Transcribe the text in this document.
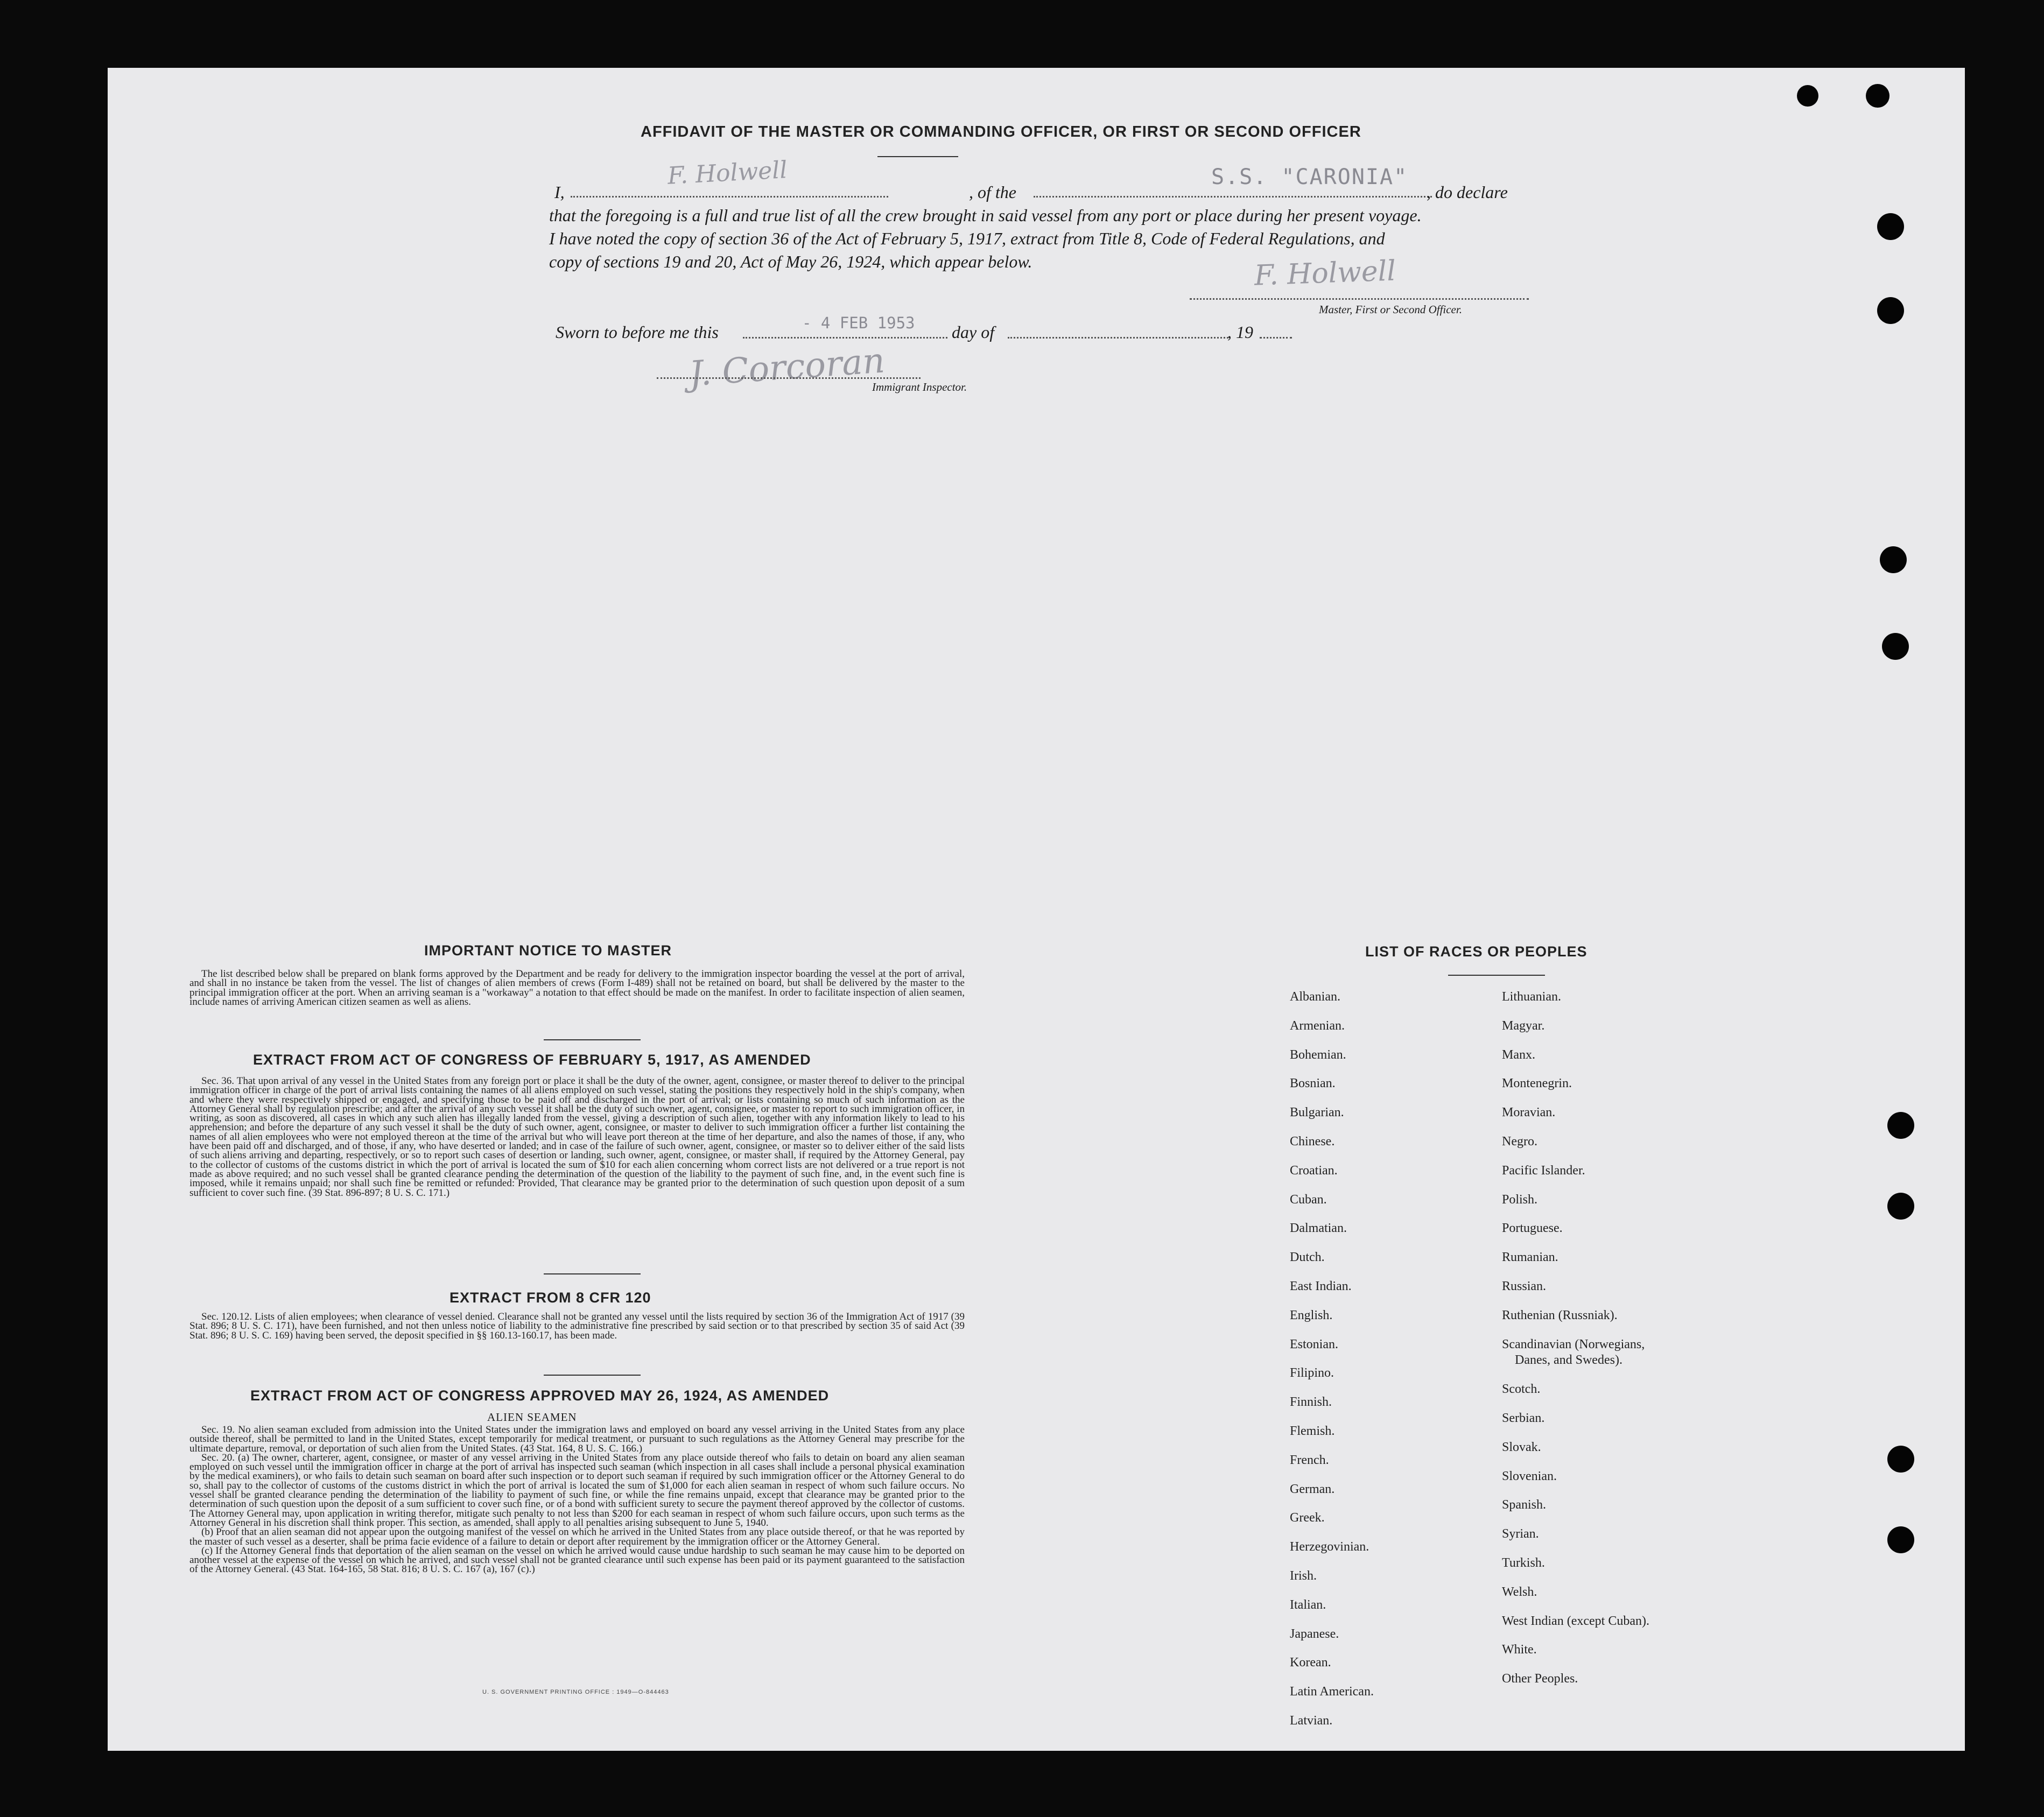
AFFIDAVIT OF THE MASTER OR COMMANDING OFFICER, OR FIRST OR SECOND OFFICER
I,
F. Holwell
, of the
S.S. "CARONIA"
, do declare
that the foregoing is a full and true list of all the crew brought in said vessel from any port or place during her present voyage.
I have noted the copy of section 36 of the Act of February 5, 1917, extract from Title 8, Code of Federal Regulations, and
copy of sections 19 and 20, Act of May 26, 1924, which appear below.	F. Holwell
Master, First or Second Officer.
Sworn to before me this	- 4 FEB 1953 day of	, 19
J. Corcoran
Immigrant Inspector.
IMPORTANT NOTICE TO MASTER
The list described below shall be prepared on blank forms approved by the Department and be ready for delivery to the immigration inspector boarding the vessel at the port of arrival, and shall in no instance be taken from the vessel. The list of changes of alien members of crews (Form I-489) shall not be retained on board, but shall be delivered by the master to the principal immigration officer at the port. When an arriving seaman is a "workaway" a notation to that effect should be made on the manifest. In order to facilitate inspection of alien seamen, include names of arriving American citizen seamen as well as aliens.
EXTRACT FROM ACT OF CONGRESS OF FEBRUARY 5, 1917, AS AMENDED
Sec. 36. That upon arrival of any vessel in the United States from any foreign port or place it shall be the duty of the owner, agent, consignee, or master thereof to deliver to the principal immigration officer in charge of the port of arrival lists containing the names of all aliens employed on such vessel, stating the positions they respectively hold in the ship's company, when and where they were respectively shipped or engaged, and specifying those to be paid off and discharged in the port of arrival; or lists containing so much of such information as the Attorney General shall by regulation prescribe; and after the arrival of any such vessel it shall be the duty of such owner, agent, consignee, or master to report to such immigration officer, in writing, as soon as discovered, all cases in which any such alien has illegally landed from the vessel, giving a description of such alien, together with any information likely to lead to his apprehension; and before the departure of any such vessel it shall be the duty of such owner, agent, consignee, or master to deliver to such immigration officer a further list containing the names of all alien employees who were not employed thereon at the time of the arrival but who will leave port thereon at the time of her departure, and also the names of those, if any, who have been paid off and discharged, and of those, if any, who have deserted or landed; and in case of the failure of such owner, agent, consignee, or master so to deliver either of the said lists of such aliens arriving and departing, respectively, or so to report such cases of desertion or landing, such owner, agent, consignee, or master shall, if required by the Attorney General, pay to the collector of customs of the customs district in which the port of arrival is located the sum of $10 for each alien concerning whom correct lists are not delivered or a true report is not made as above required; and no such vessel shall be granted clearance pending the determination of the question of the liability to the payment of such fine, and, in the event such fine is imposed, while it remains unpaid; nor shall such fine be remitted or refunded: Provided, That clearance may be granted prior to the determination of such question upon deposit of a sum sufficient to cover such fine. (39 Stat. 896-897; 8 U. S. C. 171.)
EXTRACT FROM 8 CFR 120
Sec. 120.12. Lists of alien employees; when clearance of vessel denied. Clearance shall not be granted any vessel until the lists required by section 36 of the Immigration Act of 1917 (39 Stat. 896; 8 U. S. C. 171), have been furnished, and not then unless notice of liability to the administrative fine prescribed by said section or to that prescribed by section 35 of said Act (39 Stat. 896; 8 U. S. C. 169) having been served, the deposit specified in §§ 160.13-160.17, has been made.
EXTRACT FROM ACT OF CONGRESS APPROVED MAY 26, 1924, AS AMENDED
ALIEN SEAMEN
Sec. 19. No alien seaman excluded from admission into the United States under the immigration laws and employed on board any vessel arriving in the United States from any place outside thereof, shall be permitted to land in the United States, except temporarily for medical treatment, or pursuant to such regulations as the Attorney General may prescribe for the ultimate departure, removal, or deportation of such alien from the United States. (43 Stat. 164, 8 U. S. C. 166.)
Sec. 20. (a) The owner, charterer, agent, consignee, or master of any vessel arriving in the United States from any place outside thereof who fails to detain on board any alien seaman employed on such vessel until the immigration officer in charge at the port of arrival has inspected such seaman (which inspection in all cases shall include a personal physical examination by the medical examiners), or who fails to detain such seaman on board after such inspection or to deport such seaman if required by such immigration officer or the Attorney General to do so, shall pay to the collector of customs of the customs district in which the port of arrival is located the sum of $1,000 for each alien seaman in respect of whom such failure occurs. No vessel shall be granted clearance pending the determination of the liability to payment of such fine, or while the fine remains unpaid, except that clearance may be granted prior to the determination of such question upon the deposit of a sum sufficient to cover such fine, or of a bond with sufficient surety to secure the payment thereof approved by the collector of customs. The Attorney General may, upon application in writing therefor, mitigate such penalty to not less than $200 for each seaman in respect of whom such failure occurs, upon such terms as the Attorney General in his discretion shall think proper. This section, as amended, shall apply to all penalties arising subsequent to June 5, 1940.
(b) Proof that an alien seaman did not appear upon the outgoing manifest of the vessel on which he arrived in the United States from any place outside thereof, or that he was reported by the master of such vessel as a deserter, shall be prima facie evidence of a failure to detain or deport after requirement by the immigration officer or the Attorney General.
(c) If the Attorney General finds that deportation of the alien seaman on the vessel on which he arrived would cause undue hardship to such seaman he may cause him to be deported on another vessel at the expense of the vessel on which he arrived, and such vessel shall not be granted clearance until such expense has been paid or its payment guaranteed to the satisfaction of the Attorney General. (43 Stat. 164-165, 58 Stat. 816; 8 U. S. C. 167 (a), 167 (c).)
U. S. GOVERNMENT PRINTING OFFICE : 1949—O-844463
LIST OF RACES OR PEOPLES
Albanian.
Armenian.
Bohemian.
Bosnian.
Bulgarian.
Chinese.
Croatian.
Cuban.
Dalmatian.
Dutch.
East Indian.
English.
Estonian.
Filipino.
Finnish.
Flemish.
French.
German.
Greek.
Herzegovinian.
Irish.
Italian.
Japanese.
Korean.
Latin American.
Latvian.
Lithuanian.
Magyar.
Manx.
Montenegrin.
Moravian.
Negro.
Pacific Islander.
Polish.
Portuguese.
Rumanian.
Russian.
Ruthenian (Russniak).
Scandinavian (Norwegians,
Danes, and Swedes).
Scotch.
Serbian.
Slovak.
Slovenian.
Spanish.
Syrian.
Turkish.
Welsh.
West Indian (except Cuban).
White.
Other Peoples.
